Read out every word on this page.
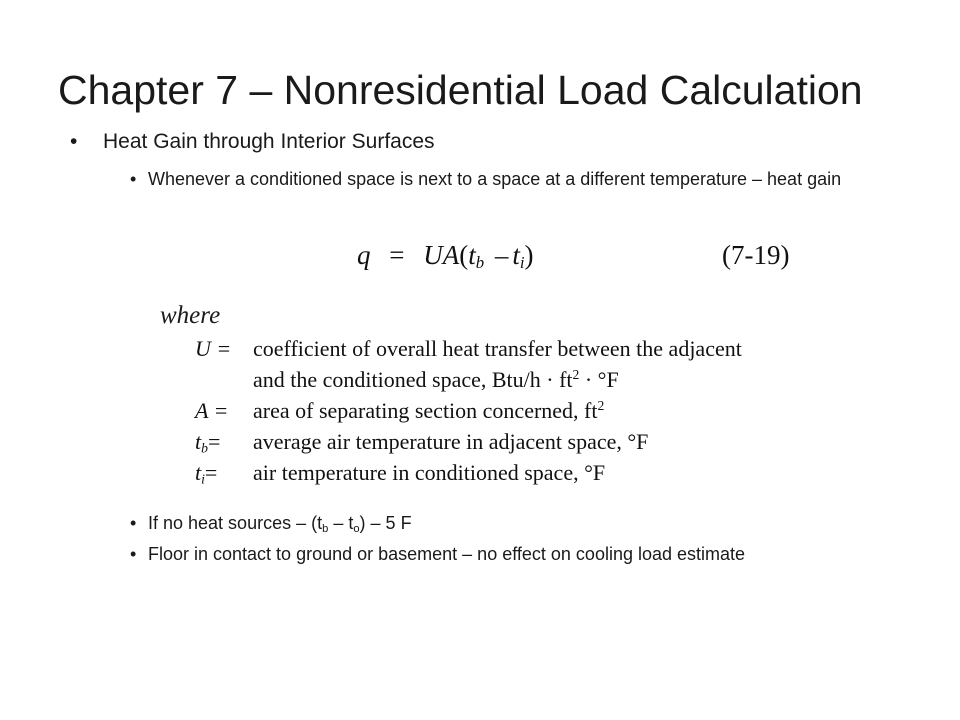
Chapter 7 – Nonresidential Load Calculation
• Heat Gain through Interior Surfaces
• Whenever a conditioned space is next to a space at a different temperature – heat gain
$q = UA(t_b - t_i)$	(7-19)
where
U = coefficient of overall heat transfer between the adjacent
and the conditioned space, $Btu/h \cdot ft^2 \cdot ^\circ F$
A =	area of separating section concerned, $ft^2$
$t_b=$	average air temperature in adjacent space, °F
$t_i=$	air temperature in conditioned space, °F
• If no heat sources – $(t_b - t_o) - 5$ F
• Floor in contact to ground or basement – no effect on cooling load estimate
